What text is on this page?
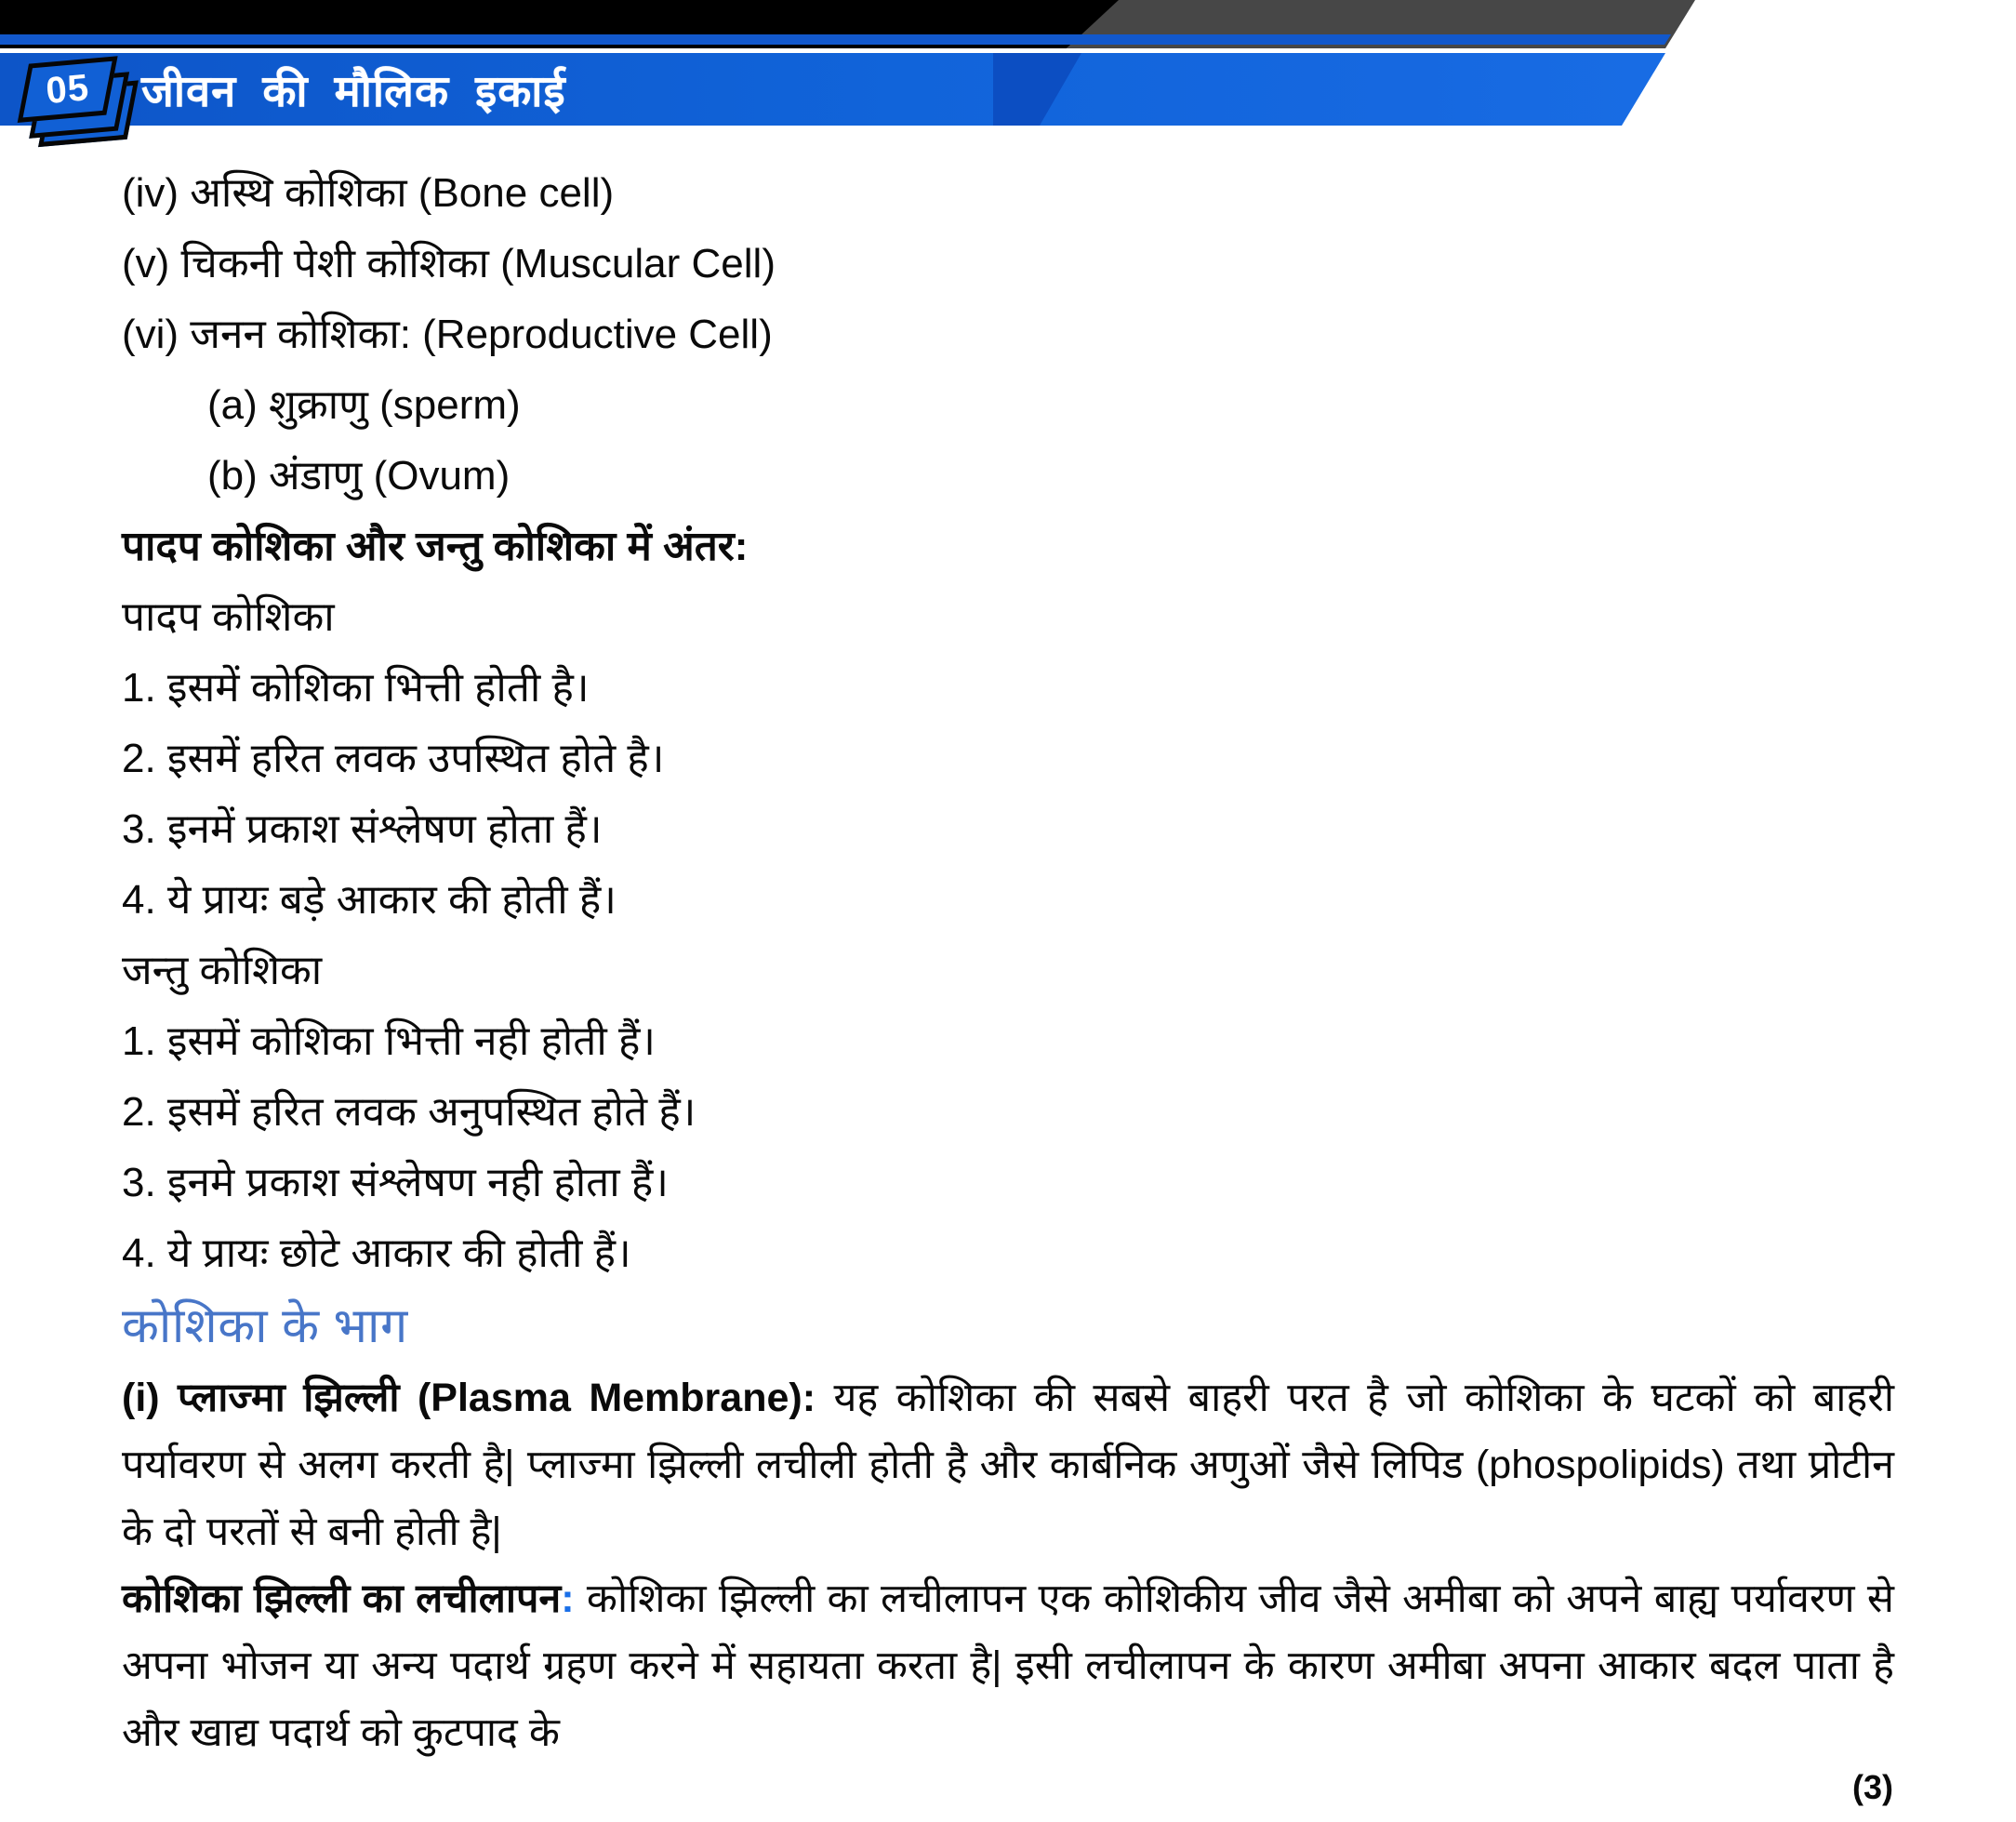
जीवन की मौलिक इकाई
05
(iv) अस्थि कोशिका (Bone cell)
(v) चिकनी पेशी कोशिका (Muscular Cell)
(vi) जनन कोशिका: (Reproductive Cell)
(a) शुक्राणु (sperm)
(b) अंडाणु (Ovum)
पादप कोशिका और जन्तु कोशिका में अंतर:
पादप कोशिका
1. इसमें कोशिका भित्ती होती है।
2. इसमें हरित लवक उपस्थित होते है।
3. इनमें प्रकाश संश्लेषण होता हैं।
4. ये प्रायः बड़े आकार की होती हैं।
जन्तु कोशिका
1. इसमें कोशिका भित्ती नही होती हैं।
2. इसमें हरित लवक अनुपस्थित होते हैं।
3. इनमे प्रकाश संश्लेषण नही होता हैं।
4. ये प्रायः छोटे आकार की होती हैं।
कोशिका के भाग
(i) प्लाज्मा झिल्ली (Plasma Membrane): यह कोशिका की सबसे बाहरी परत है जो कोशिका के घटकों को बाहरी पर्यावरण से अलग करती है| प्लाज्मा झिल्ली लचीली होती है और कार्बनिक अणुओं जैसे लिपिड (phospolipids) तथा प्रोटीन के दो परतों से बनी होती है|
कोशिका झिल्ली का लचीलापन: कोशिका झिल्ली का लचीलापन एक कोशिकीय जीव जैसे अमीबा को अपने बाह्य पर्यावरण से अपना भोजन या अन्य पदार्थ ग्रहण करने में सहायता करता है| इसी लचीलापन के कारण अमीबा अपना आकार बदल पाता है और खाद्य पदार्थ को कुटपाद के
(3)
